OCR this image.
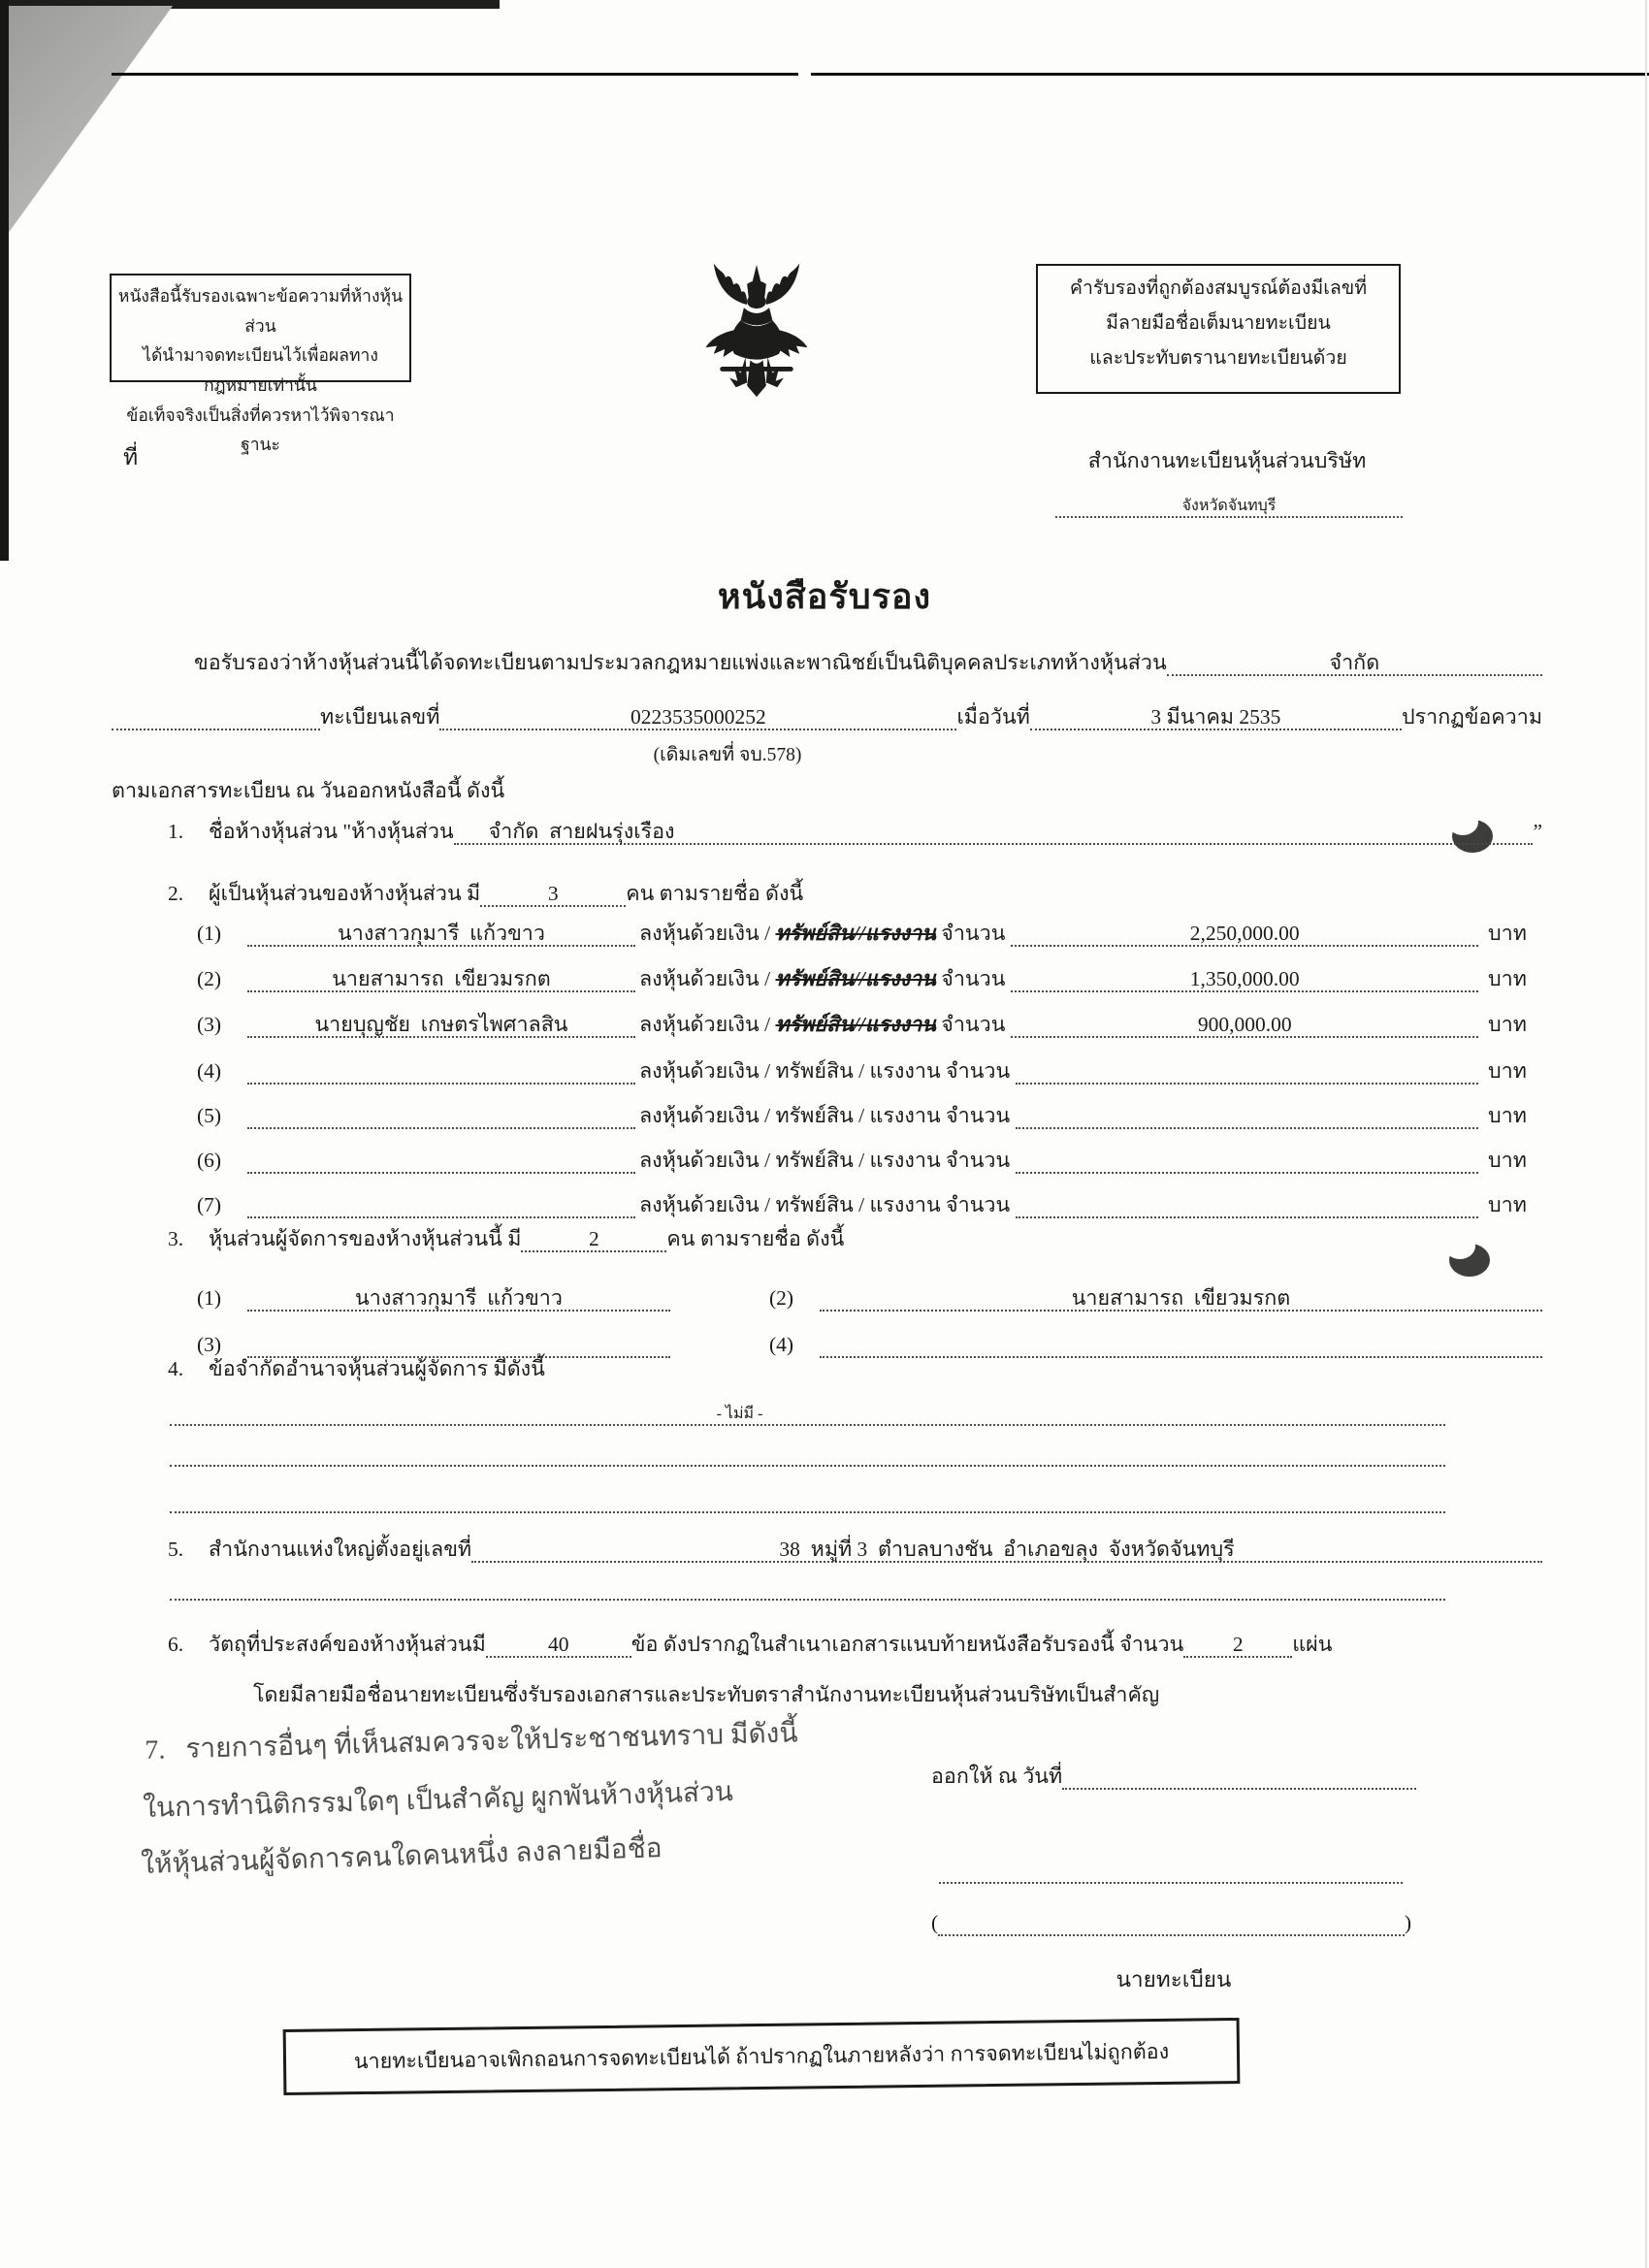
หนังสือนี้รับรองเฉพาะข้อความที่ห้างหุ้นส่วน
ได้นำมาจดทะเบียนไว้เพื่อผลทางกฎหมายเท่านั้น
ข้อเท็จจริงเป็นสิ่งที่ควรหาไว้พิจารณาฐานะ
คำรับรองที่ถูกต้องสมบูรณ์ต้องมีเลขที่
มีลายมือชื่อเต็มนายทะเบียน
และประทับตรานายทะเบียนด้วย
ที่	สำนักงานทะเบียนหุ้นส่วนบริษัท
จังหวัดจันทบุรี
หนังสือรับรอง
ขอรับรองว่าห้างหุ้นส่วนนี้ได้จดทะเบียนตามประมวลกฎหมายแพ่งและพาณิชย์เป็นนิติบุคคลประเภทห้างหุ้นส่วน	จำกัด
ทะเบียนเลขที่	0223535000252	เมื่อวันที่	3 มีนาคม 2535	ปรากฏข้อความ
(เดิมเลขที่ จบ.578)
ตามเอกสารทะเบียน ณ วันออกหนังสือนี้ ดังนี้
1.	ชื่อห้างหุ้นส่วน "ห้างหุ้นส่วน จำกัด  สายฝนรุ่งเรือง	”
2.	ผู้เป็นหุ้นส่วนของห้างหุ้นส่วน มี	3	คน ตามรายชื่อ ดังนี้
(1)	นางสาวกุมารี  แก้วขาว	ลงหุ้นด้วยเงิน / ทรัพย์สิน//แรงงาน จำนวน	2,250,000.00	บาท
(2)	นายสามารถ  เขียวมรกต	ลงหุ้นด้วยเงิน / ทรัพย์สิน//แรงงาน จำนวน	1,350,000.00	บาท
(3)	นายบุญชัย  เกษตรไพศาลสิน	ลงหุ้นด้วยเงิน / ทรัพย์สิน//แรงงาน จำนวน	900,000.00	บาท
(4)	ลงหุ้นด้วยเงิน / ทรัพย์สิน / แรงงาน จำนวน	บาท
(5)	ลงหุ้นด้วยเงิน / ทรัพย์สิน / แรงงาน จำนวน	บาท
(6)	ลงหุ้นด้วยเงิน / ทรัพย์สิน / แรงงาน จำนวน	บาท
(7)	ลงหุ้นด้วยเงิน / ทรัพย์สิน / แรงงาน จำนวน	บาท
3.	หุ้นส่วนผู้จัดการของห้างหุ้นส่วนนี้ มี	2	คน ตามรายชื่อ ดังนี้
(1)	นางสาวกุมารี  แก้วขาว	(2)	นายสามารถ  เขียวมรกต
(3)	(4)
4.	ข้อจำกัดอำนาจหุ้นส่วนผู้จัดการ มีดังนี้
- ไม่มี -
5.	สำนักงานแห่งใหญ่ตั้งอยู่เลขที่	38  หมู่ที่ 3  ตำบลบางชัน  อำเภอขลุง  จังหวัดจันทบุรี
6.	วัตถุที่ประสงค์ของห้างหุ้นส่วนมี	40	ข้อ ดังปรากฏในสำเนาเอกสารแนบท้ายหนังสือรับรองนี้ จำนวน 2 แผ่น
โดยมีลายมือชื่อนายทะเบียนซึ่งรับรองเอกสารและประทับตราสำนักงานทะเบียนหุ้นส่วนบริษัทเป็นสำคัญ
7. รายการอื่นๆ ที่เห็นสมควรจะให้ประชาชนทราบ มีดังนี้
ในการทำนิติกรรมใดๆ เป็นสำคัญ ผูกพันห้างหุ้นส่วน
ให้หุ้นส่วนผู้จัดการคนใดคนหนึ่ง ลงลายมือชื่อ
ออกให้ ณ วันที่
(	)
นายทะเบียน
นายทะเบียนอาจเพิกถอนการจดทะเบียนได้ ถ้าปรากฏในภายหลังว่า การจดทะเบียนไม่ถูกต้อง
